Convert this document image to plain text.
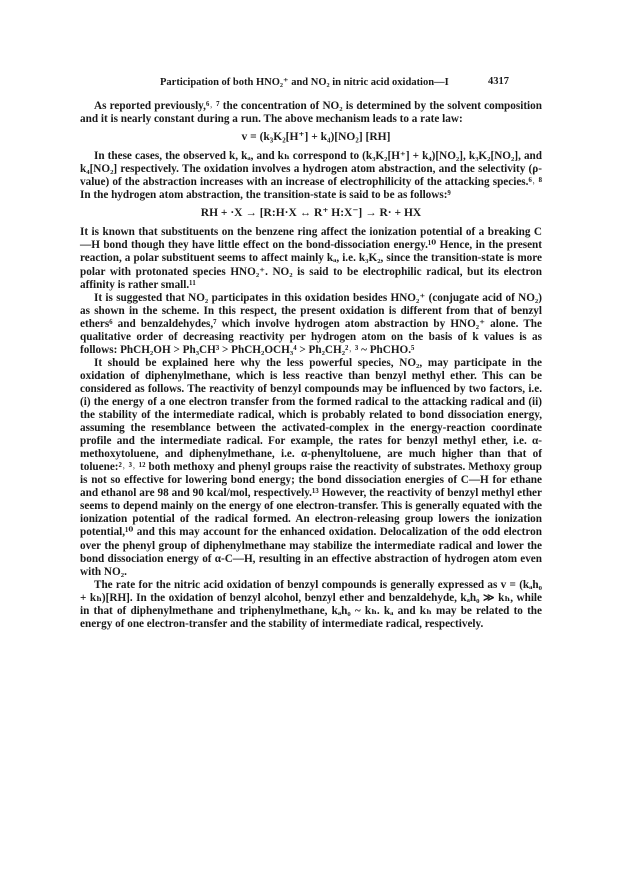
Participation of both HNO₂⁺ and NO₂ in nitric acid oxidation—I	4317

As reported previously,⁶˒ ⁷ the concentration of NO₂ is determined by the solvent composition and it is nearly constant during a run. The above mechanism leads to a rate law:

v = (k₃K₂[H⁺] + k₄)[NO₂] [RH]

In these cases, the observed k, kₐ, and kₕ correspond to (k₃K₂[H⁺] + k₄)[NO₂], k₃K₂[NO₂], and k₄[NO₂] respectively. The oxidation involves a hydrogen atom abstraction, and the selectivity (ρ-value) of the abstraction increases with an increase of electrophilicity of the attacking species.⁶˒ ⁸ In the hydrogen atom abstraction, the transition-state is said to be as follows:⁹

RH + ·X → [R:H·X ↔ R⁺ H:X⁻] → R· + HX

It is known that substituents on the benzene ring affect the ionization potential of a breaking C—H bond though they have little effect on the bond-dissociation energy.¹⁰ Hence, in the present reaction, a polar substituent seems to affect mainly kₐ, i.e. k₃K₂, since the transition-state is more polar with protonated species HNO₂⁺. NO₂ is said to be electrophilic radical, but its electron affinity is rather small.¹¹

It is suggested that NO₂ participates in this oxidation besides HNO₂⁺ (conjugate acid of NO₂) as shown in the scheme. In this respect, the present oxidation is different from that of benzyl ethers⁶ and benzaldehydes,⁷ which involve hydrogen atom abstraction by HNO₂⁺ alone. The qualitative order of decreasing reactivity per hydrogen atom on the basis of k values is as follows: PhCH₂OH > Ph₃CH³ > PhCH₂OCH₃⁴ > Ph₂CH₂²˒ ³ ~ PhCHO.⁵

It should be explained here why the less powerful species, NO₂, may participate in the oxidation of diphenylmethane, which is less reactive than benzyl methyl ether. This can be considered as follows. The reactivity of benzyl compounds may be influenced by two factors, i.e. (i) the energy of a one electron transfer from the formed radical to the attacking radical and (ii) the stability of the intermediate radical, which is probably related to bond dissociation energy, assuming the resemblance between the activated-complex in the energy-reaction coordinate profile and the intermediate radical. For example, the rates for benzyl methyl ether, i.e. α-methoxytoluene, and diphenylmethane, i.e. α-phenyltoluene, are much higher than that of toluene:²˒ ³˒ ¹² both methoxy and phenyl groups raise the reactivity of substrates. Methoxy group is not so effective for lowering bond energy; the bond dissociation energies of C—H for ethane and ethanol are 98 and 90 kcal/mol, respectively.¹³ However, the reactivity of benzyl methyl ether seems to depend mainly on the energy of one electron-transfer. This is generally equated with the ionization potential of the radical formed. An electron-releasing group lowers the ionization potential,¹⁰ and this may account for the enhanced oxidation. Delocalization of the odd electron over the phenyl group of diphenylmethane may stabilize the intermediate radical and lower the bond dissociation energy of α-C—H, resulting in an effective abstraction of hydrogen atom even with NO₂.

The rate for the nitric acid oxidation of benzyl compounds is generally expressed as v = (kₐh₀ + kₕ)[RH]. In the oxidation of benzyl alcohol, benzyl ether and benzaldehyde, kₐh₀ ≫ kₕ, while in that of diphenylmethane and triphenylmethane, kₐh₀ ~ kₕ. kₐ and kₕ may be related to the energy of one electron-transfer and the stability of intermediate radical, respectively.
